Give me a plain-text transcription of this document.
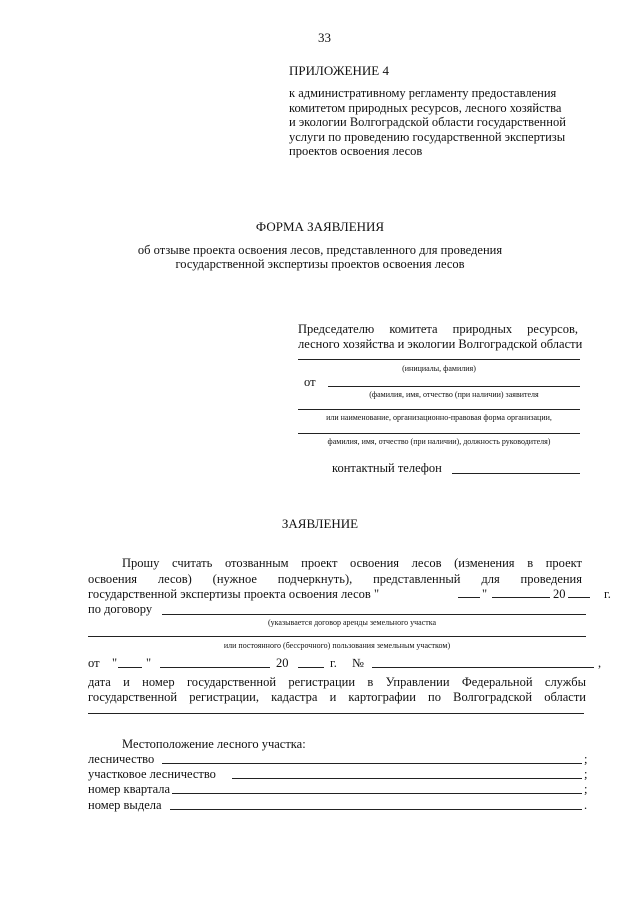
33
ПРИЛОЖЕНИЕ 4
к административному регламенту предоставления
комитетом природных ресурсов, лесного хозяйства
и экологии Волгоградской области государственной
услуги по проведению государственной экспертизы
проектов освоения лесов
ФОРМА ЗАЯВЛЕНИЯ
об отзыве проекта освоения лесов, представленного для проведения
государственной экспертизы проектов освоения лесов
Председателю комитета природных ресурсов,
лесного хозяйства и экологии Волгоградской области
(инициалы, фамилия)
от
(фамилия, имя, отчество (при наличии) заявителя
или наименование, организационно-правовая форма организации,
фамилия, имя, отчество (при наличии), должность руководителя)
контактный телефон
ЗАЯВЛЕНИЕ
Прошу считать отозванным проект освоения лесов (изменения в проект
освоения лесов) (нужное подчеркнуть), представленный для проведения
государственной экспертизы проекта освоения лесов "	"	20	г.
по договору
(указывается договор аренды земельного участка
или постоянного (бессрочного) пользования земельным участком)
от " "	20	г. №	,
дата и номер государственной регистрации в Управлении Федеральной службы
государственной регистрации, кадастра и картографии по Волгоградской области
Местоположение лесного участка:
лесничество	;
участковое лесничество	;
номер квартала	;
номер выдела	.
